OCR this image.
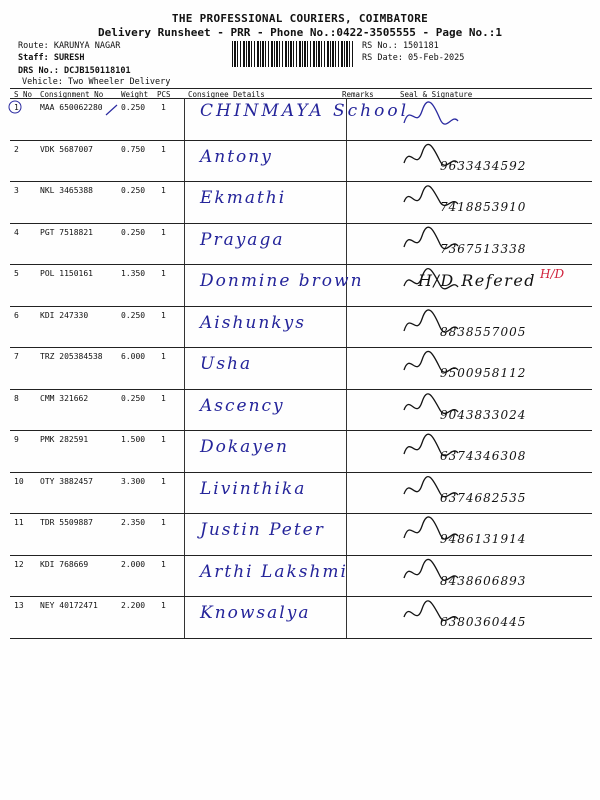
THE PROFESSIONAL COURIERS, COIMBATORE
Delivery Runsheet - PRR - Phone No.:0422-3505555 - Page No.:1
Route: KARUNYA NAGAR
Staff: SURESH
DRS No.: DCJB150118101
Vehicle: Two Wheeler Delivery
RS No.: 1501181
RS Date: 05-Feb-2025
S No Consignment No Weight PCS Consignee Details	Remarks	Seal & Signature
1	MAA 650062280 0.250 1 CHINMAYA School
2	VDK 5687007	0.750 1 Antony	9633434592
3	NKL 3465388	0.250 1 Ekmathi	7418853910
4	PGT 7518821	0.250 1 Prayaga	7367513338
5	POL 1150161	1.350 1 Donmine brown	H/D Refered H/D
6	KDI 247330	0.250 1 Aishunkys	8838557005
7	TRZ 205384538 6.000 1 Usha	9500958112
8	CMM 321662	0.250 1 Ascency	9043833024
9	PMK 282591	1.500 1 Dokayen	6374346308
10 OTY 3882457	3.300 1 Livinthika	6374682535
11 TDR 5509887	2.350 1 Justin Peter	9486131914
12 KDI 768669	2.000 1 Arthi Lakshmi	8438606893
13 NEY 40172471	2.200 1 Knowsalya	6380360445
